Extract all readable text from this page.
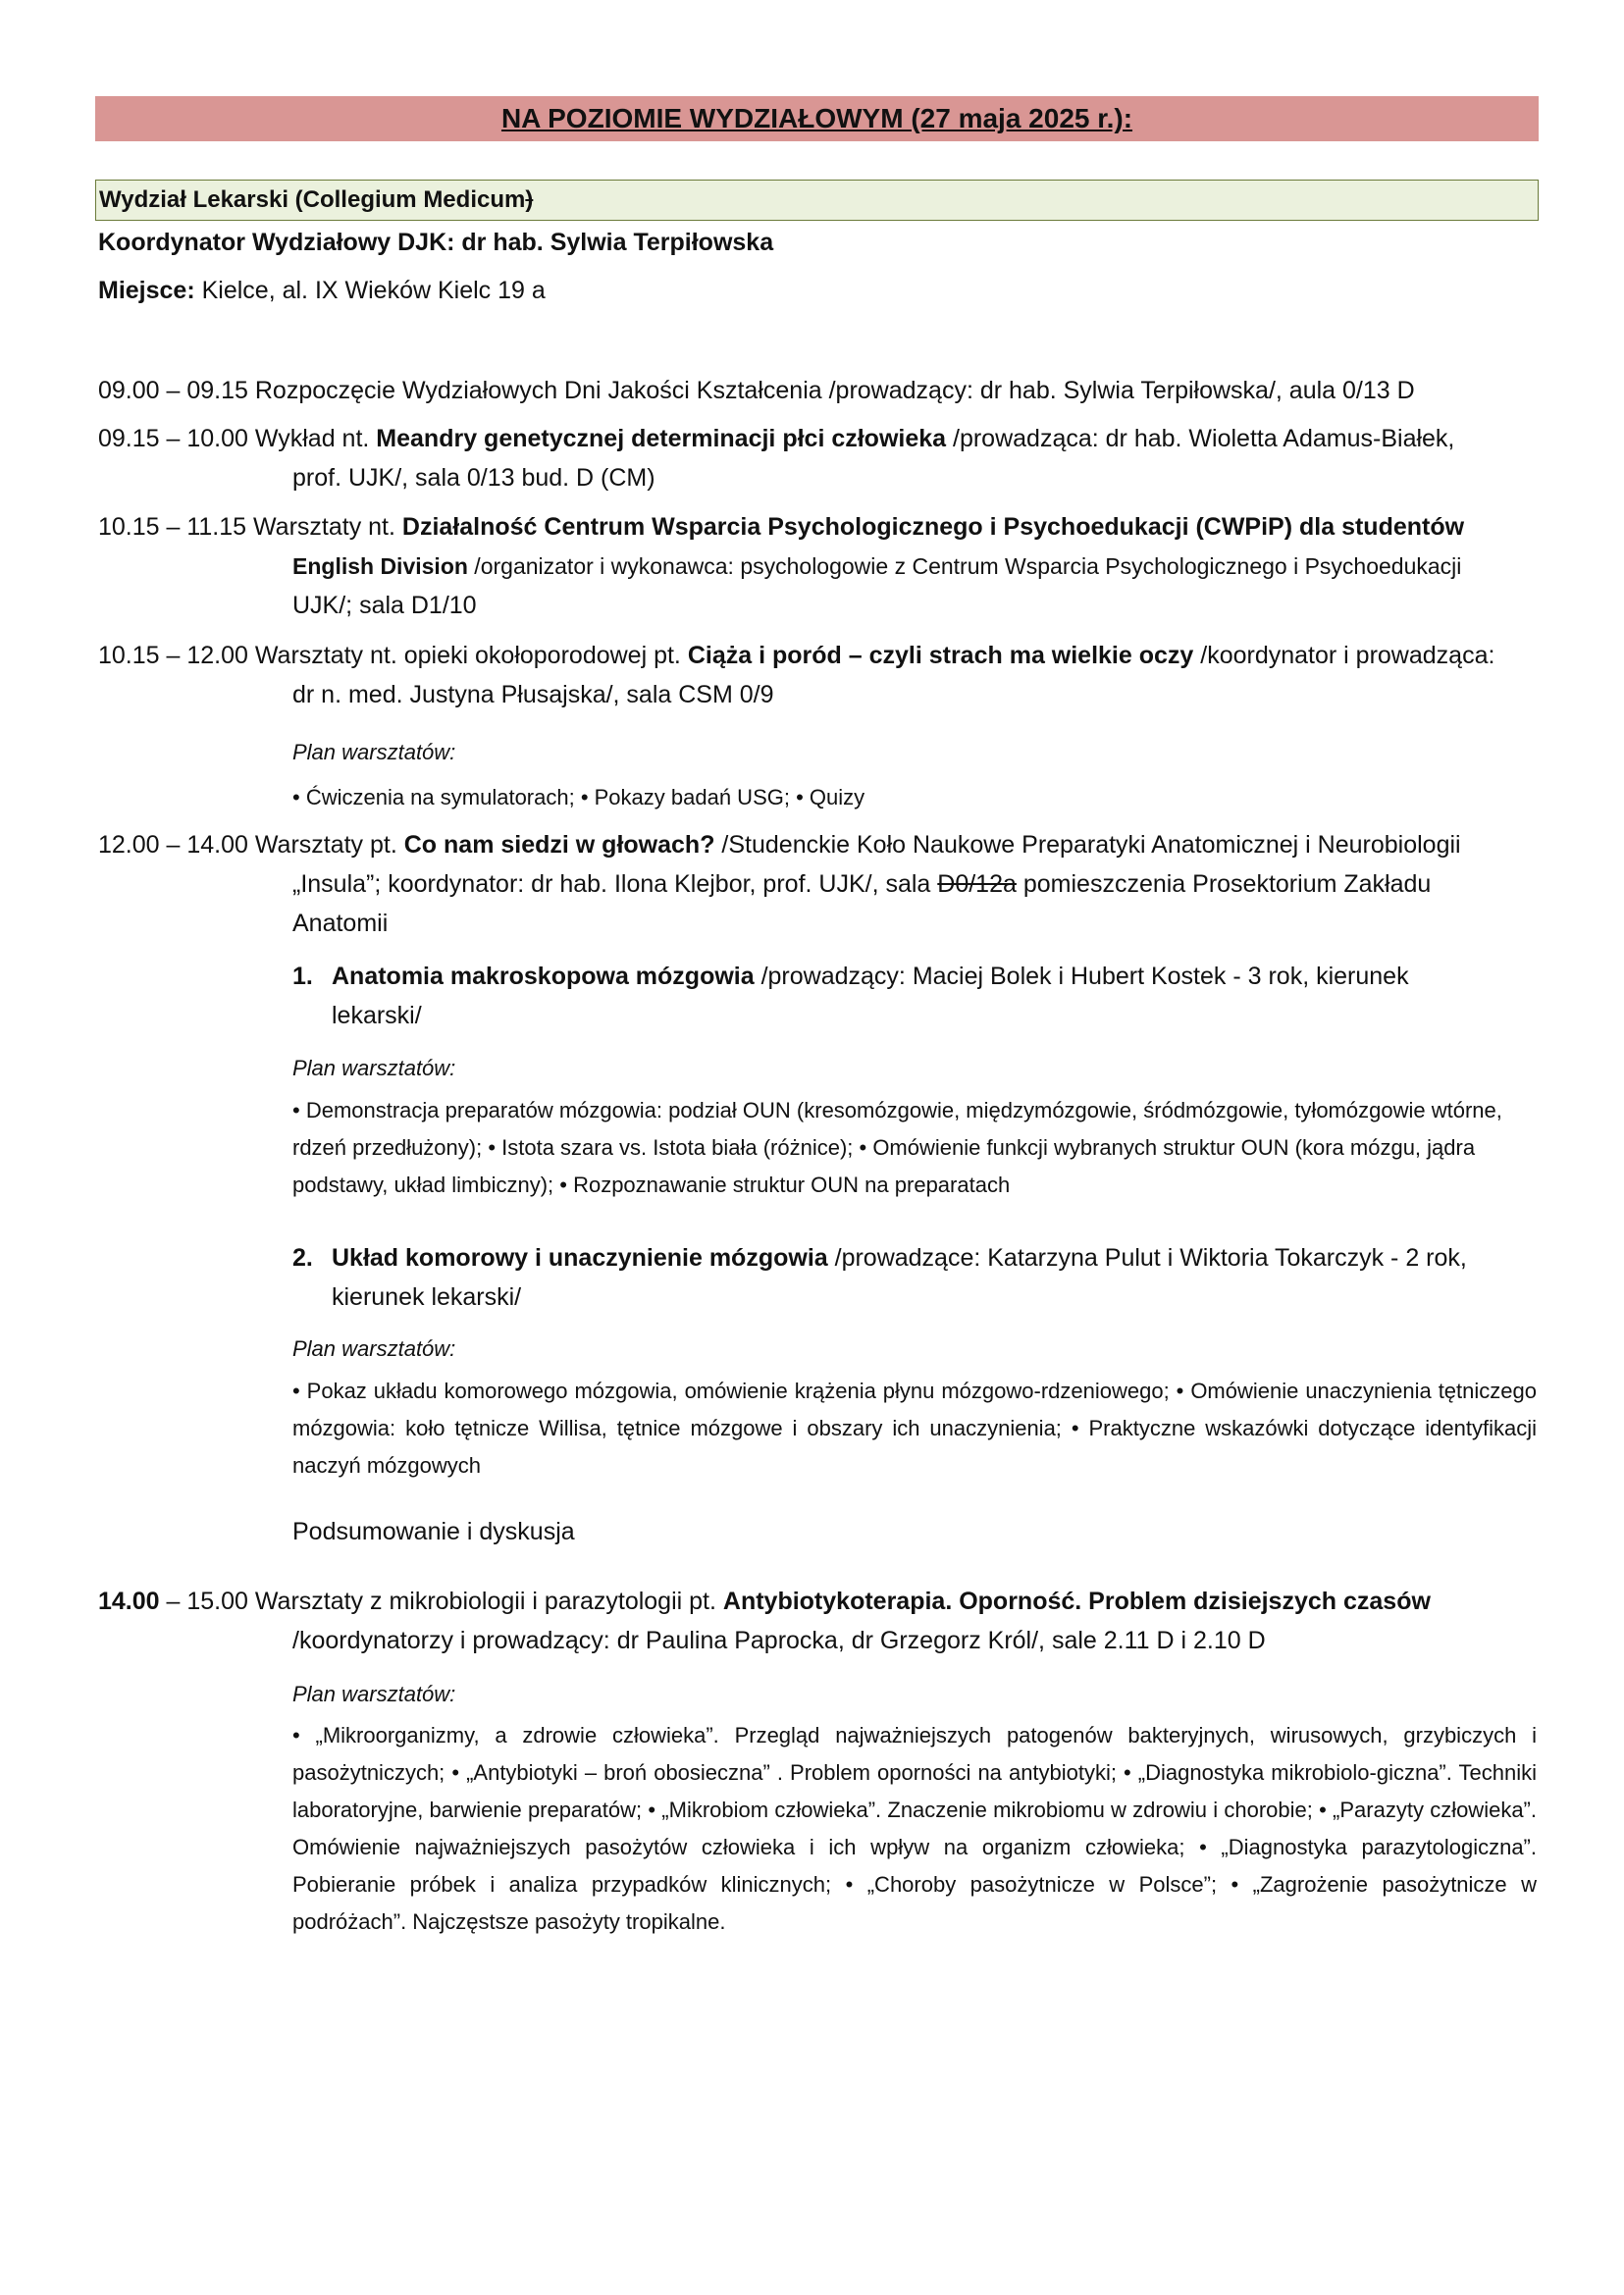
NA POZIOMIE WYDZIAŁOWYM (27 maja 2025 r.):
Wydział Lekarski (Collegium Medicum)
Koordynator Wydziałowy DJK: dr hab. Sylwia Terpiłowska
Miejsce: Kielce, al. IX Wieków Kielc 19 a
09.00 – 09.15 Rozpoczęcie Wydziałowych Dni Jakości Kształcenia /prowadzący: dr hab. Sylwia Terpiłowska/, aula 0/13 D
09.15 – 10.00 Wykład nt. Meandry genetycznej determinacji płci człowieka /prowadząca: dr hab. Wioletta Adamus-Białek,
prof. UJK/, sala 0/13 bud. D (CM)
10.15 – 11.15 Warsztaty nt. Działalność Centrum Wsparcia Psychologicznego i Psychoedukacji (CWPiP) dla studentów
English Division /organizator i wykonawca: psychologowie z Centrum Wsparcia Psychologicznego i Psychoedukacji
UJK/; sala D1/10
10.15 – 12.00 Warsztaty nt. opieki okołoporodowej pt. Ciąża i poród – czyli strach ma wielkie oczy /koordynator i prowadząca:
dr n. med. Justyna Płusajska/, sala CSM 0/9
Plan warsztatów:
• Ćwiczenia na symulatorach; • Pokazy badań USG; • Quizy
12.00 – 14.00 Warsztaty pt. Co nam siedzi w głowach? /Studenckie Koło Naukowe Preparatyki Anatomicznej i Neurobiologii
„Insula”; koordynator: dr hab. Ilona Klejbor, prof. UJK/, sala D0/12a pomieszczenia Prosektorium Zakładu
Anatomii
1. Anatomia makroskopowa mózgowia /prowadzący: Maciej Bolek i Hubert Kostek - 3 rok, kierunek
lekarski/
Plan warsztatów:
• Demonstracja preparatów mózgowia: podział OUN (kresomózgowie, międzymózgowie, śródmózgowie, tyłomózgowie wtórne, rdzeń przedłużony); • Istota szara vs. Istota biała (różnice); • Omówienie funkcji wybranych struktur OUN (kora mózgu, jądra podstawy, układ limbiczny); • Rozpoznawanie struktur OUN na preparatach
2. Układ komorowy i unaczynienie mózgowia /prowadzące: Katarzyna Pulut i Wiktoria Tokarczyk - 2 rok,
kierunek lekarski/
Plan warsztatów:
• Pokaz układu komorowego mózgowia, omówienie krążenia płynu mózgowo-rdzeniowego; • Omówienie unaczynienia tętniczego mózgowia: koło tętnicze Willisa, tętnice mózgowe i obszary ich unaczynienia; • Praktyczne wskazówki dotyczące identyfikacji naczyń mózgowych
Podsumowanie i dyskusja
14.00 – 15.00 Warsztaty z mikrobiologii i parazytologii pt. Antybiotykoterapia. Oporność. Problem dzisiejszych czasów
/koordynatorzy i prowadzący: dr Paulina Paprocka, dr Grzegorz Król/, sale 2.11 D i 2.10 D
Plan warsztatów:
• „Mikroorganizmy, a zdrowie człowieka”. Przegląd najważniejszych patogenów bakteryjnych, wirusowych, grzybiczych i pasożytniczych; • „Antybiotyki – broń obosieczna” . Problem oporności na antybiotyki; • „Diagnostyka mikrobiolo-giczna”. Techniki laboratoryjne, barwienie preparatów; • „Mikrobiom człowieka”. Znaczenie mikrobiomu w zdrowiu i chorobie; • „Parazyty człowieka”. Omówienie najważniejszych pasożytów człowieka i ich wpływ na organizm człowieka; • „Diagnostyka parazytologiczna”. Pobieranie próbek i analiza przypadków klinicznych; • „Choroby pasożytnicze w Polsce”; • „Zagrożenie pasożytnicze w podróżach”. Najczęstsze pasożyty tropikalne.
